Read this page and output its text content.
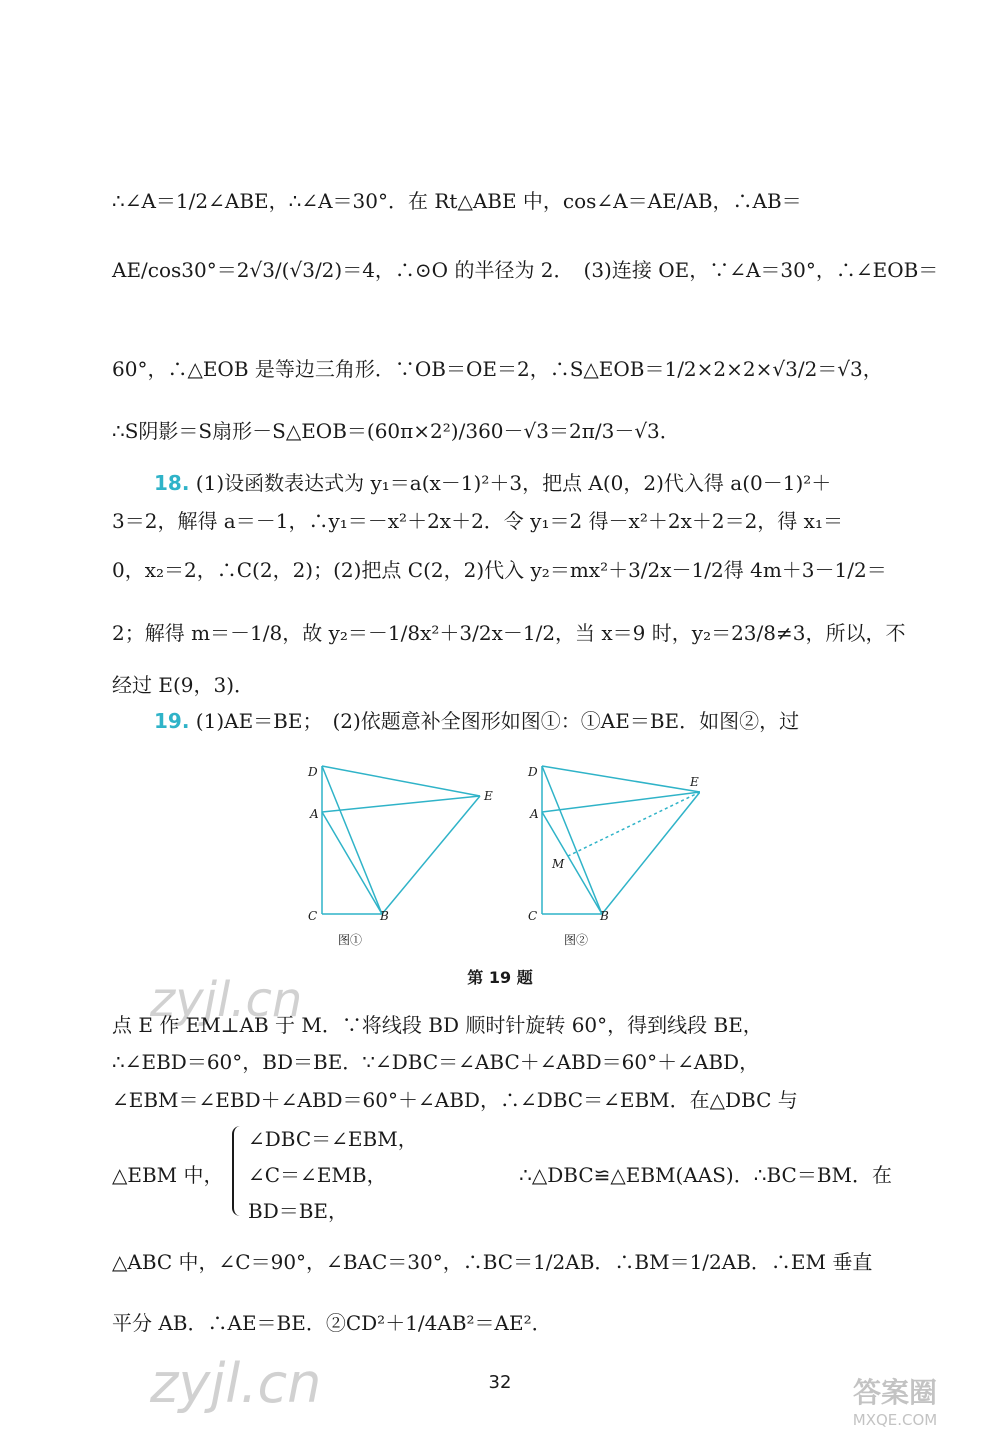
∴∠A＝1/2∠ABE，∴∠A＝30°．在 Rt△ABE 中，cos∠A＝AE/AB，∴AB＝
AE/cos30°＝2√3/(√3/2)＝4，∴⊙O 的半径为 2．　(3)连接 OE，∵∠A＝30°，∴∠EOB＝
60°，∴△EOB 是等边三角形．∵OB＝OE＝2，∴S△EOB＝1/2×2×2×√3/2＝√3，
∴S阴影＝S扇形－S△EOB＝(60π×2²)/360－√3＝2π/3－√3．
18. (1)设函数表达式为 y₁＝a(x－1)²＋3，把点 A(0，2)代入得 a(0－1)²＋
3＝2，解得 a＝－1，∴y₁＝－x²＋2x＋2．令 y₁＝2 得－x²＋2x＋2＝2，得 x₁＝
0，x₂＝2，∴C(2，2)；(2)把点 C(2，2)代入 y₂＝mx²＋3/2x－1/2得 4m＋3－1/2＝
2；解得 m＝－1/8，故 y₂＝－1/8x²＋3/2x－1/2，当 x＝9 时，y₂＝23/8≠3，所以，不
经过 E(9，3)．
19. (1)AE＝BE；　(2)依题意补全图形如图①：①AE＝BE．如图②，过
D
A
E
C	B
图①
D
A
E
M
C	B
图②
第 19 题
zyjl.cn
点 E 作 EM⊥AB 于 M．∵将线段 BD 顺时针旋转 60°，得到线段 BE，
∴∠EBD＝60°，BD＝BE．∵∠DBC＝∠ABC＋∠ABD＝60°＋∠ABD，
∠EBM＝∠EBD＋∠ABD＝60°＋∠ABD，∴∠DBC＝∠EBM．在△DBC 与
△EBM 中，
∠DBC＝∠EBM，
∠C＝∠EMB，
BD＝BE，
∴△DBC≌△EBM(AAS)．∴BC＝BM．在
△ABC 中，∠C＝90°，∠BAC＝30°，∴BC＝1/2AB．∴BM＝1/2AB．∴EM 垂直
平分 AB．∴AE＝BE．②CD²＋1/4AB²＝AE²．
zyjl.cn	32	答案圈
MXQE.COM
